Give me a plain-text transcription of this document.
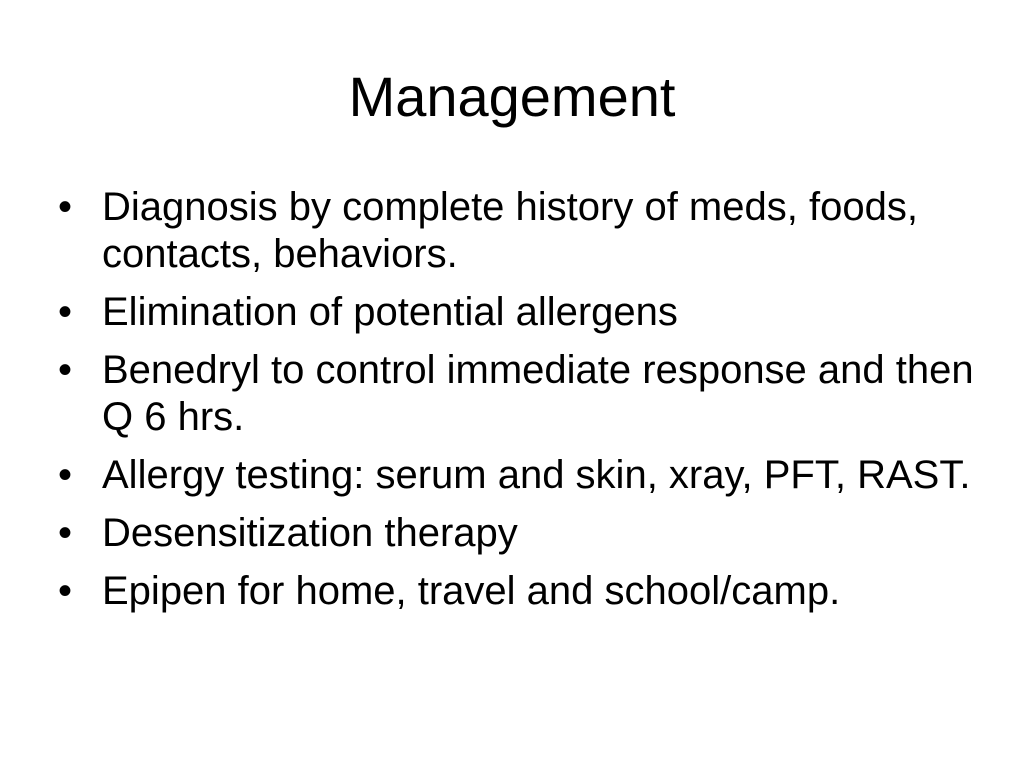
Management
• Diagnosis by complete history of meds, foods, contacts, behaviors.
• Elimination of potential allergens
• Benedryl to control immediate response and then Q 6 hrs.
• Allergy testing: serum and skin, xray, PFT, RAST.
• Desensitization therapy
• Epipen for home, travel and school/camp.
